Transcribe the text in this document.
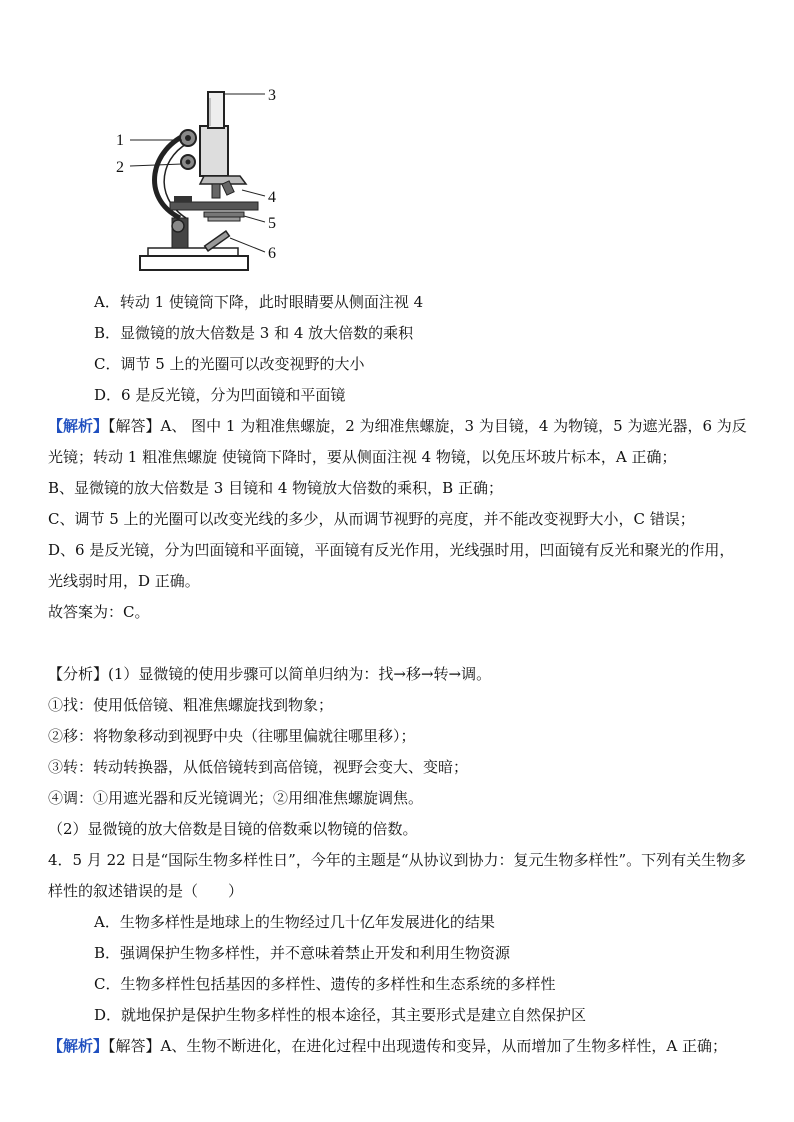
1
2
3
4
5
6
A．转动 1 使镜筒下降，此时眼睛要从侧面注视 4
B．显微镜的放大倍数是 3 和 4 放大倍数的乘积
C．调节 5 上的光圈可以改变视野的大小
D．6 是反光镜，分为凹面镜和平面镜
【解析】【解答】A、 图中 1 为粗准焦螺旋，2 为细准焦螺旋，3 为目镜，4 为物镜，5 为遮光器，6 为反
光镜；转动 1 粗准焦螺旋 使镜筒下降时，要从侧面注视 4 物镜，以免压坏玻片标本，A 正确；
B、显微镜的放大倍数是 3 目镜和 4 物镜放大倍数的乘积，B 正确；
C、调节 5 上的光圈可以改变光线的多少，从而调节视野的亮度，并不能改变视野大小，C 错误；
D、6 是反光镜，分为凹面镜和平面镜，平面镜有反光作用，光线强时用，凹面镜有反光和聚光的作用，
光线弱时用，D 正确。
故答案为：C。
【分析】(1）显微镜的使用步骤可以简单归纳为：找→移→转→调。
①找：使用低倍镜、粗准焦螺旋找到物象；
②移：将物象移动到视野中央（往哪里偏就往哪里移）；
③转：转动转换器，从低倍镜转到高倍镜，视野会变大、变暗；
④调：①用遮光器和反光镜调光；②用细准焦螺旋调焦。
（2）显微镜的放大倍数是目镜的倍数乘以物镜的倍数。
4．5 月 22 日是“国际生物多样性日”，今年的主题是“从协议到协力：复元生物多样性”。下列有关生物多
样性的叙述错误的是（　　）
A．生物多样性是地球上的生物经过几十亿年发展进化的结果
B．强调保护生物多样性，并不意味着禁止开发和利用生物资源
C．生物多样性包括基因的多样性、遗传的多样性和生态系统的多样性
D．就地保护是保护生物多样性的根本途径，其主要形式是建立自然保护区
【解析】【解答】A、生物不断进化，在进化过程中出现遗传和变异，从而增加了生物多样性，A 正确；
